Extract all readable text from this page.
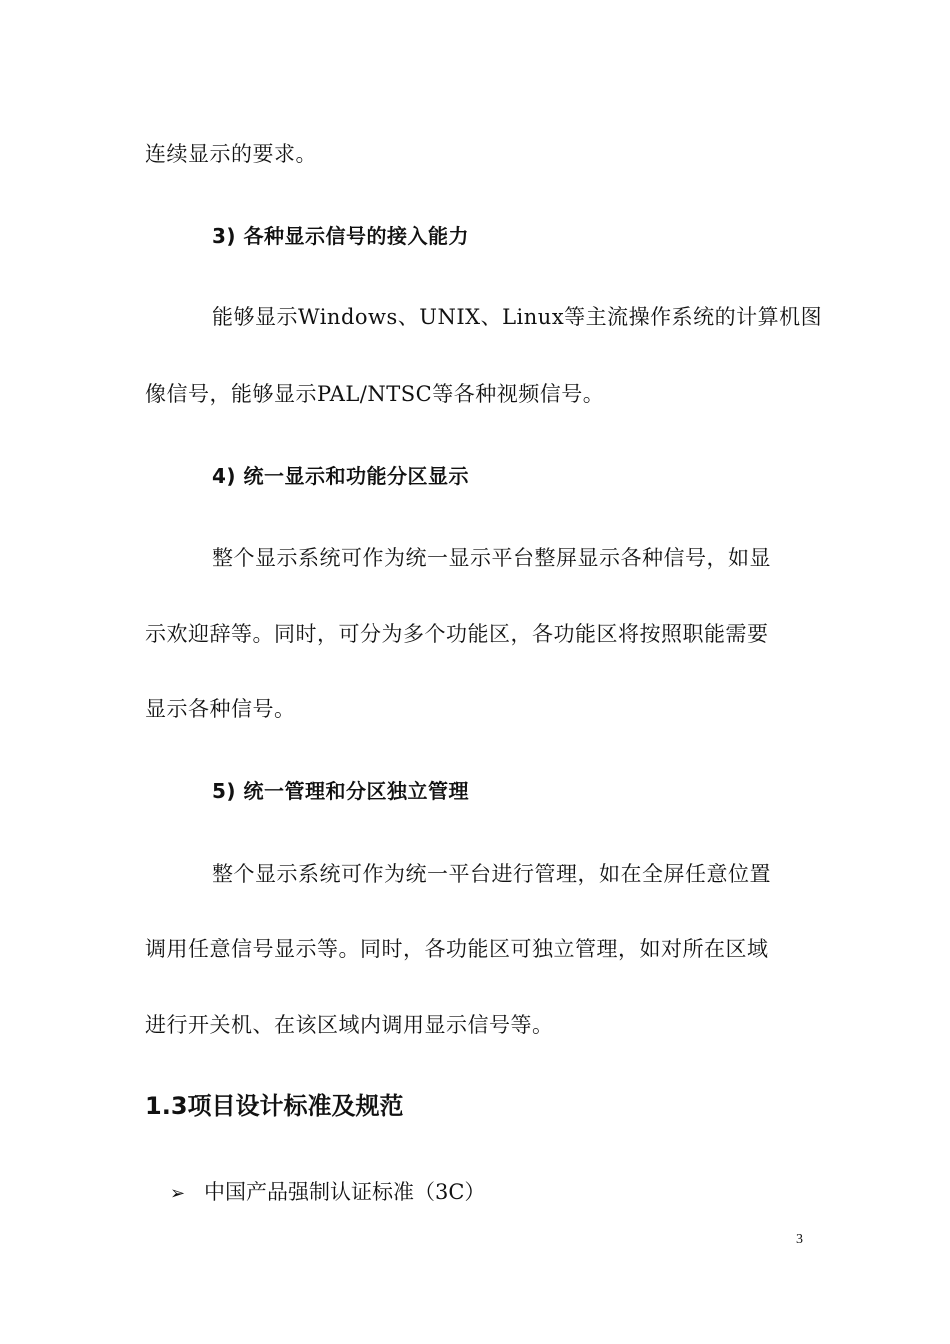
连续显示的要求。
3) 各种显示信号的接入能力
能够显示Windows、UNIX、Linux等主流操作系统的计算机图
像信号，能够显示PAL/NTSC等各种视频信号。
4) 统一显示和功能分区显示
整个显示系统可作为统一显示平台整屏显示各种信号，如显
示欢迎辞等。同时，可分为多个功能区，各功能区将按照职能需要
显示各种信号。
5) 统一管理和分区独立管理
整个显示系统可作为统一平台进行管理，如在全屏任意位置
调用任意信号显示等。同时，各功能区可独立管理，如对所在区域
进行开关机、在该区域内调用显示信号等。
1.3项目设计标准及规范
➢ 中国产品强制认证标准（3C）
3
